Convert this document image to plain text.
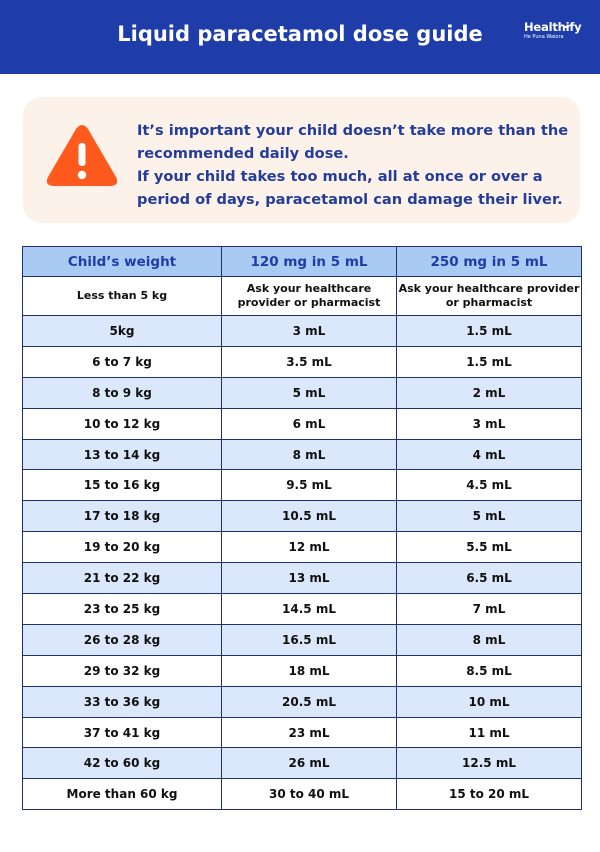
Liquid paracetamol dose guide	Healthify
He Puna Waiora

It’s important your child doesn’t take more than the recommended daily dose.

If your child takes too much, all at once or over a period of days, paracetamol can damage their liver.

Child’s weight	120 mg in 5 mL	250 mg in 5 mL
Less than 5 kg	Ask your healthcare provider or pharmacist	Ask your healthcare provider or pharmacist
5kg	3 mL	1.5 mL
6 to 7 kg	3.5 mL	1.5 mL
8 to 9 kg	5 mL	2 mL
10 to 12 kg	6 mL	3 mL
13 to 14 kg	8 mL	4 mL
15 to 16 kg	9.5 mL	4.5 mL
17 to 18 kg	10.5 mL	5 mL
19 to 20 kg	12 mL	5.5 mL
21 to 22 kg	13 mL	6.5 mL
23 to 25 kg	14.5 mL	7 mL
26 to 28 kg	16.5 mL	8 mL
29 to 32 kg	18 mL	8.5 mL
33 to 36 kg	20.5 mL	10 mL
37 to 41 kg	23 mL	11 mL
42 to 60 kg	26 mL	12.5 mL
More than 60 kg	30 to 40 mL	15 to 20 mL
